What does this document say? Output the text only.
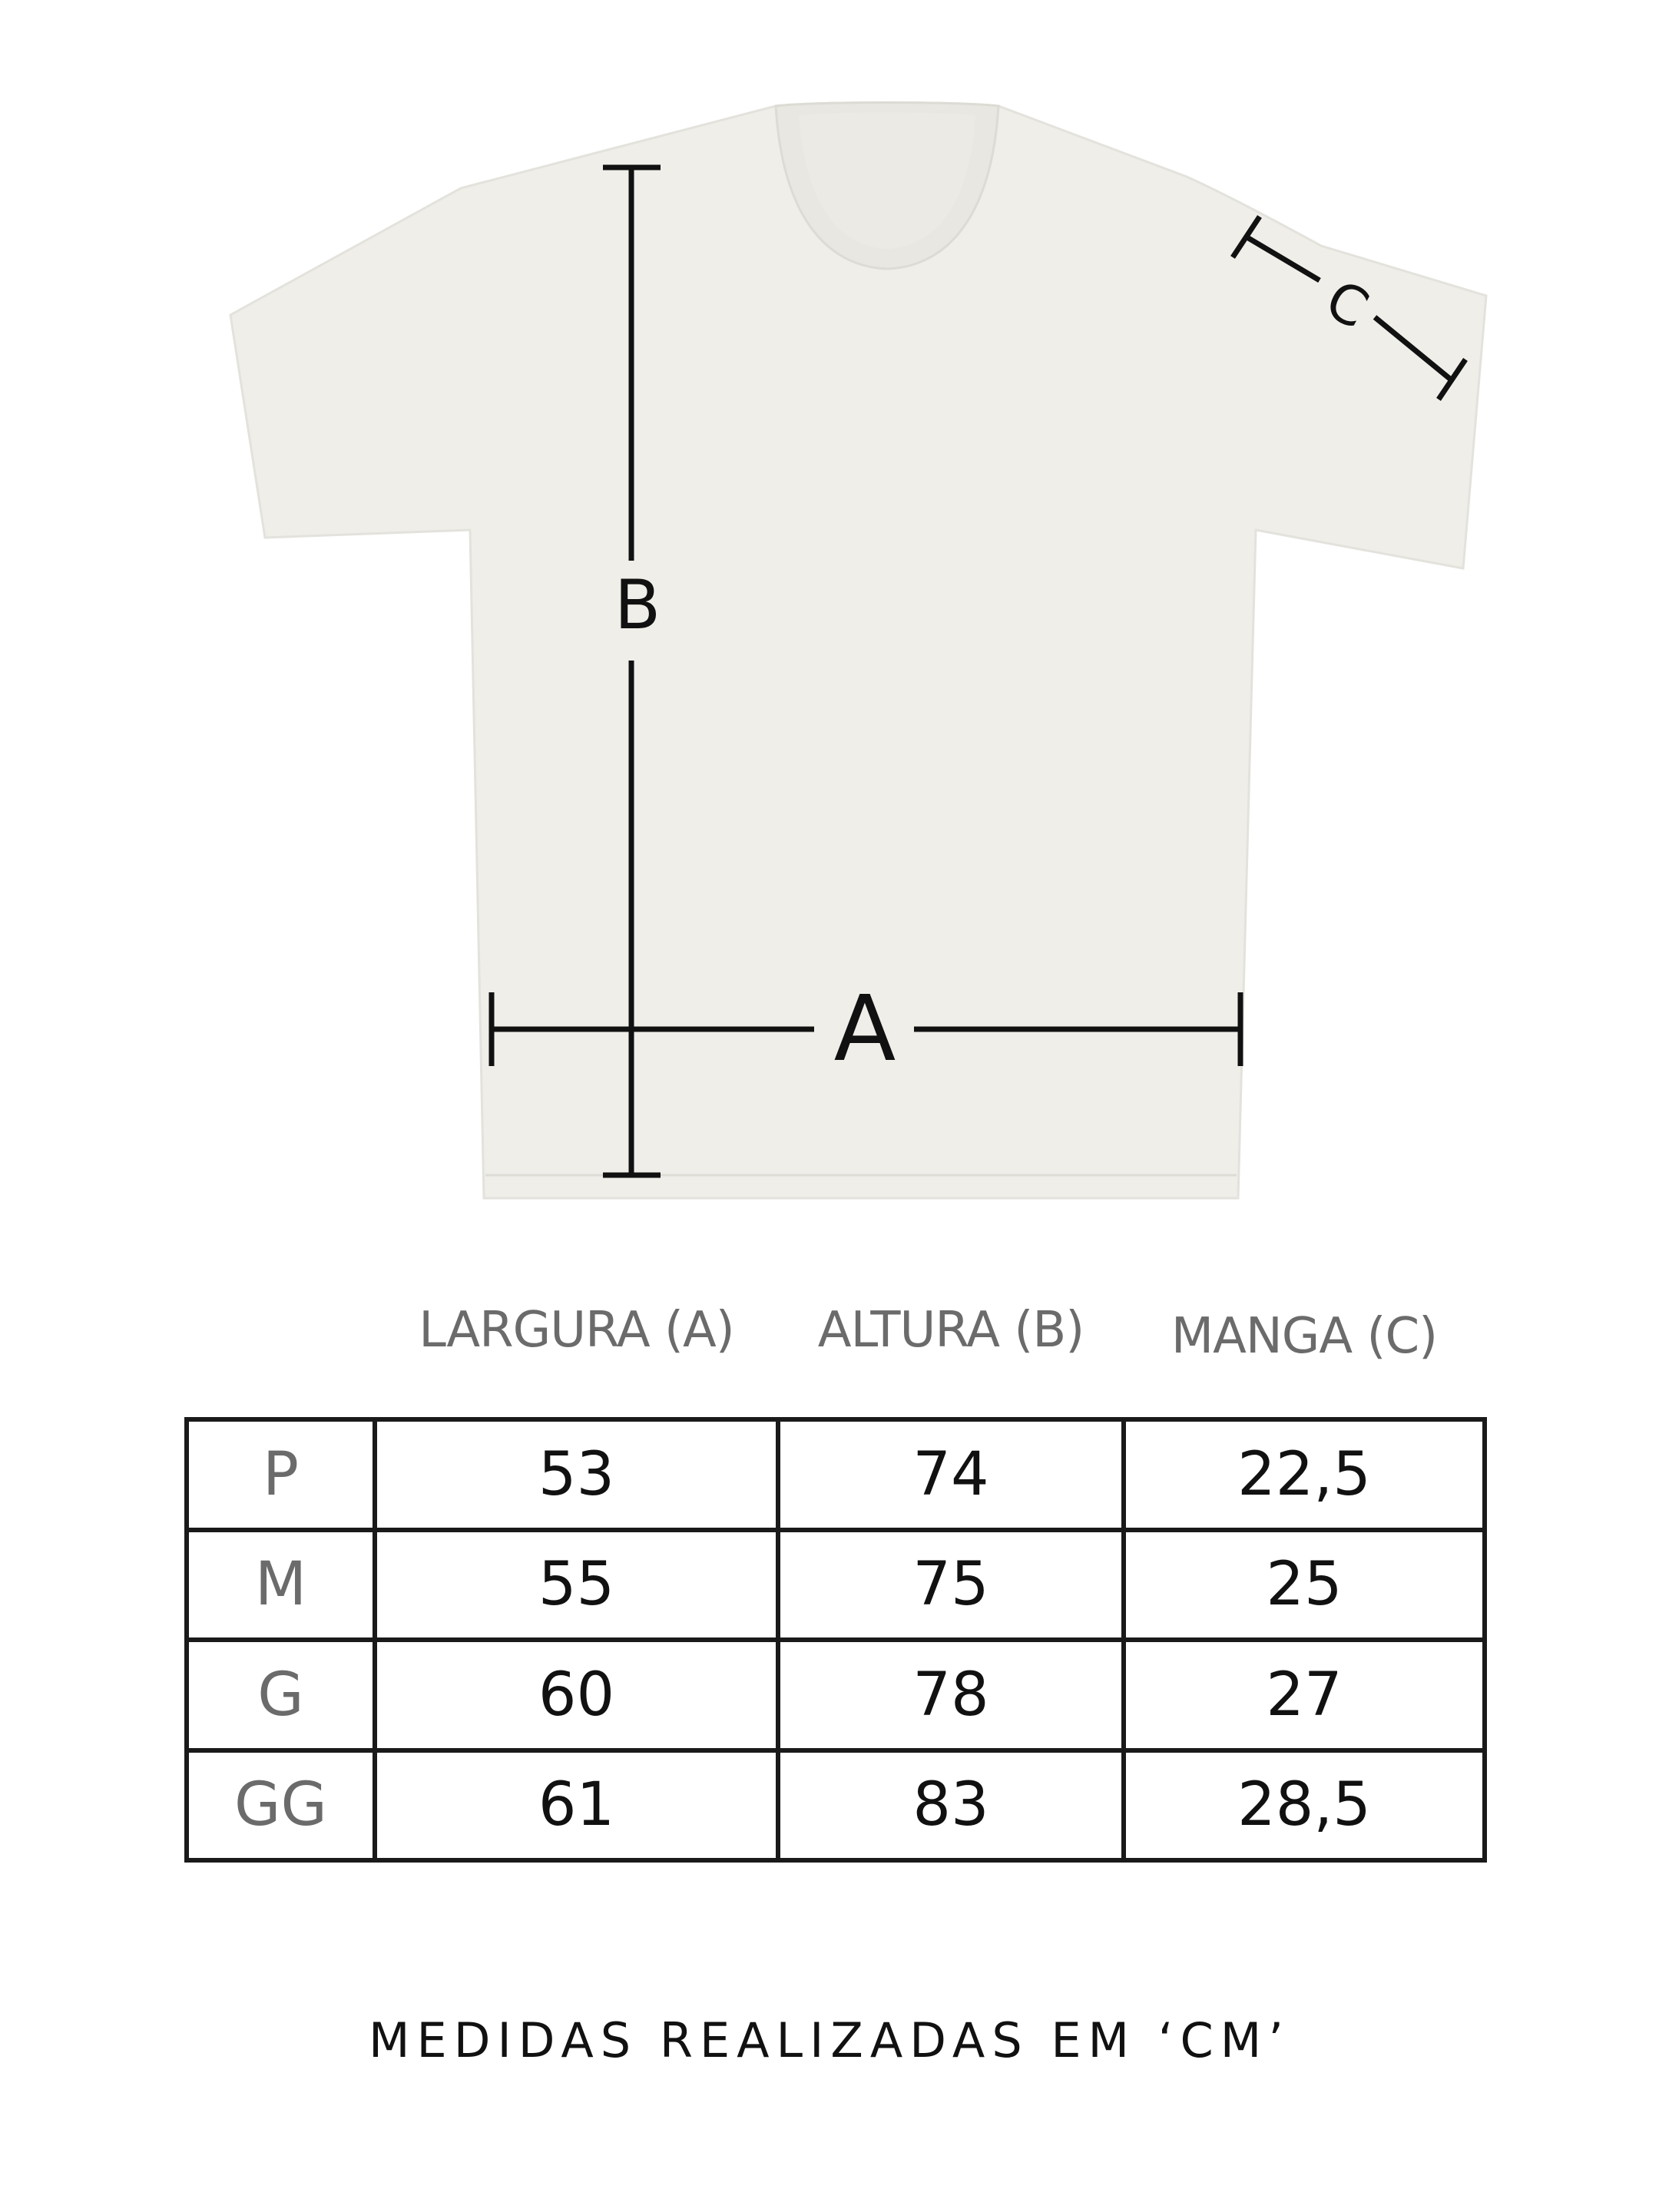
B
A
C

	LARGURA (A)	ALTURA (B)	MANGA (C)

P	53	74	22,5
M	55	75	25
G	60	78	27
GG	61	83	28,5
MEDIDAS REALIZADAS EM ‘CM’
